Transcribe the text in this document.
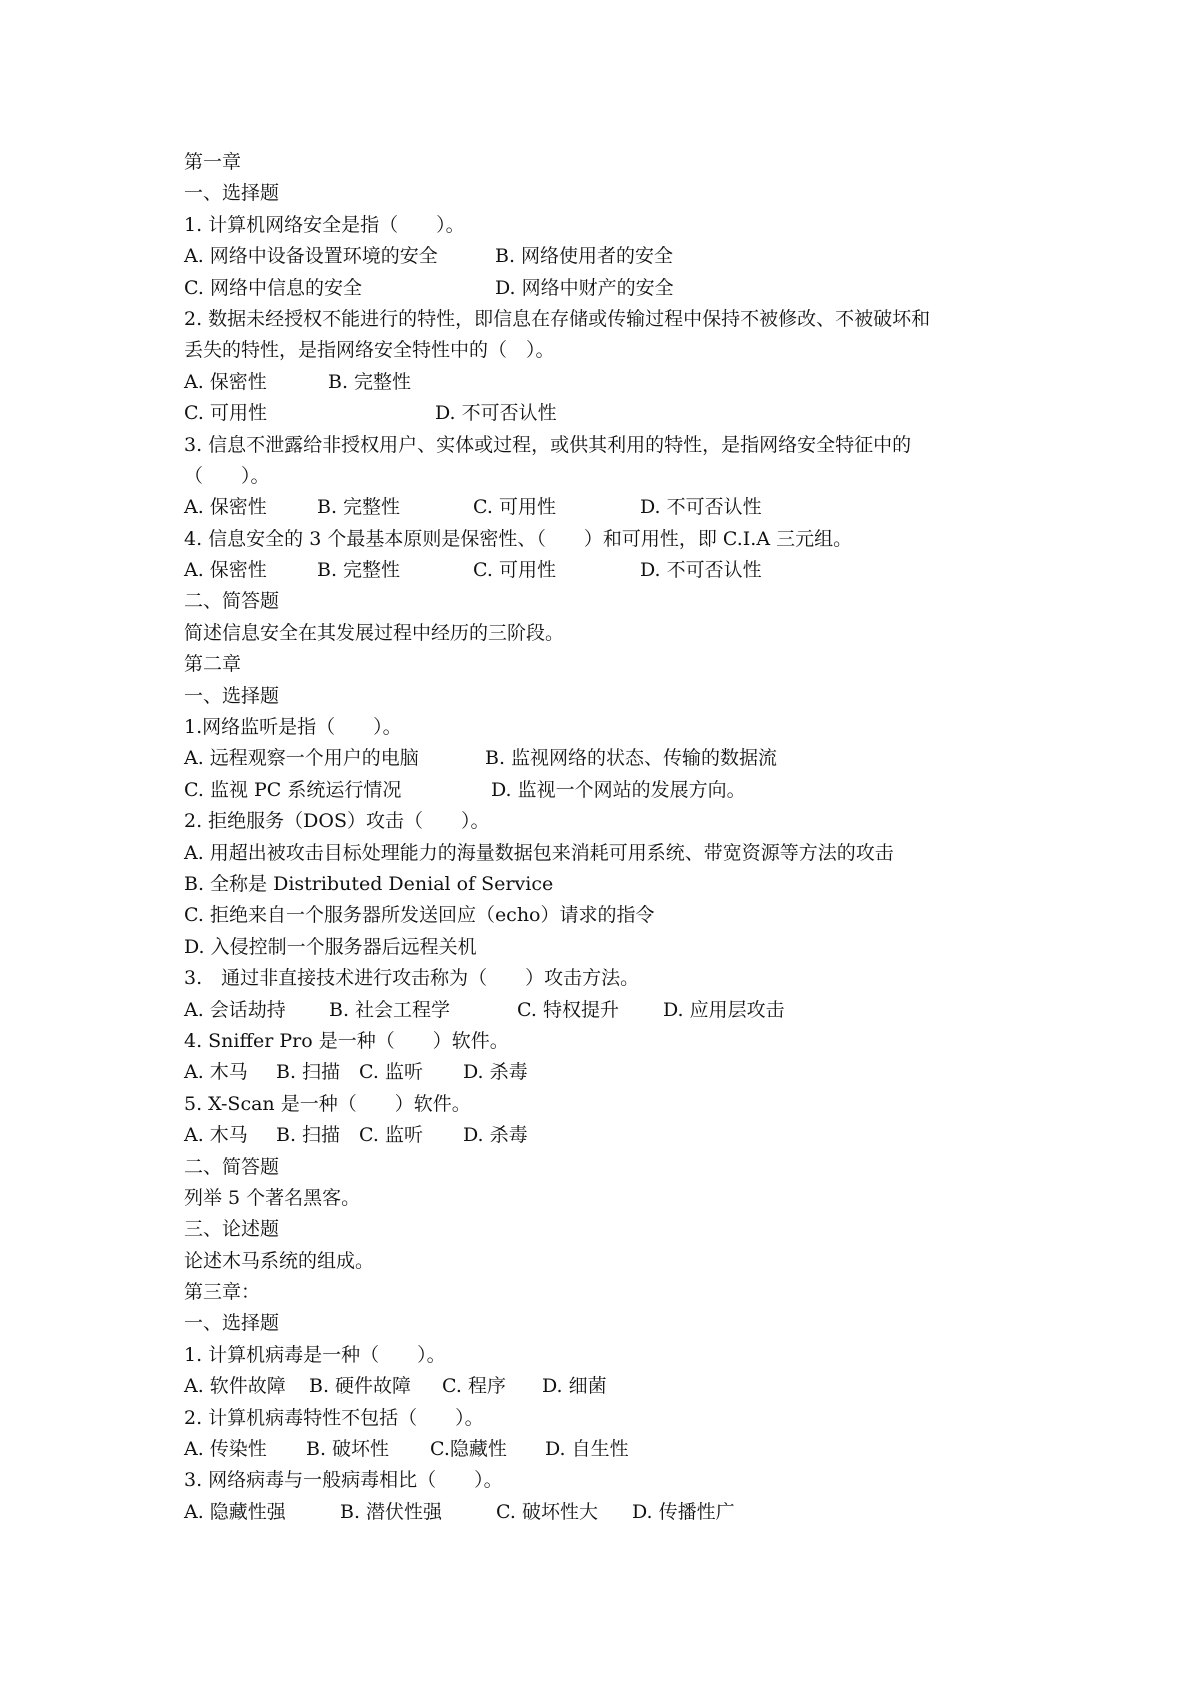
第一章
一、选择题
1. 计算机网络安全是指（　　）。
A. 网络中设备设置环境的安全	B. 网络使用者的安全
C. 网络中信息的安全	D. 网络中财产的安全
2. 数据未经授权不能进行的特性，即信息在存储或传输过程中保持不被修改、不被破坏和
丢失的特性，是指网络安全特性中的（　）。
A. 保密性	B. 完整性
C. 可用性	D. 不可否认性
3. 信息不泄露给非授权用户、实体或过程，或供其利用的特性，是指网络安全特征中的
（　　）。
A. 保密性	B. 完整性	C. 可用性	D. 不可否认性
4. 信息安全的 3 个最基本原则是保密性、（　　）和可用性，即 C.I.A 三元组。
A. 保密性	B. 完整性	C. 可用性	D. 不可否认性
二、简答题
简述信息安全在其发展过程中经历的三阶段。
第二章
一、选择题
1.网络监听是指（　　）。
A. 远程观察一个用户的电脑	B. 监视网络的状态、传输的数据流
C. 监视 PC 系统运行情况	D. 监视一个网站的发展方向。
2. 拒绝服务（DOS）攻击（　　）。
A. 用超出被攻击目标处理能力的海量数据包来消耗可用系统、带宽资源等方法的攻击
B. 全称是 Distributed Denial of Service
C. 拒绝来自一个服务器所发送回应（echo）请求的指令
D. 入侵控制一个服务器后远程关机
3.　通过非直接技术进行攻击称为（　　）攻击方法。
A. 会话劫持	B. 社会工程学	C. 特权提升	D. 应用层攻击
4. Sniffer Pro 是一种（　　）软件。
A. 木马	B. 扫描 C. 监听	D. 杀毒
5. X-Scan 是一种（　　）软件。
A. 木马	B. 扫描 C. 监听	D. 杀毒
二、简答题
列举 5 个著名黑客。
三、论述题
论述木马系统的组成。
第三章：
一、选择题
1. 计算机病毒是一种（　　）。
A. 软件故障	B. 硬件故障	C. 程序	D. 细菌
2. 计算机病毒特性不包括（　　）。
A. 传染性	B. 破坏性	C.隐藏性	D. 自生性
3. 网络病毒与一般病毒相比（　　）。
A. 隐藏性强	B. 潜伏性强	C. 破坏性大	D. 传播性广
